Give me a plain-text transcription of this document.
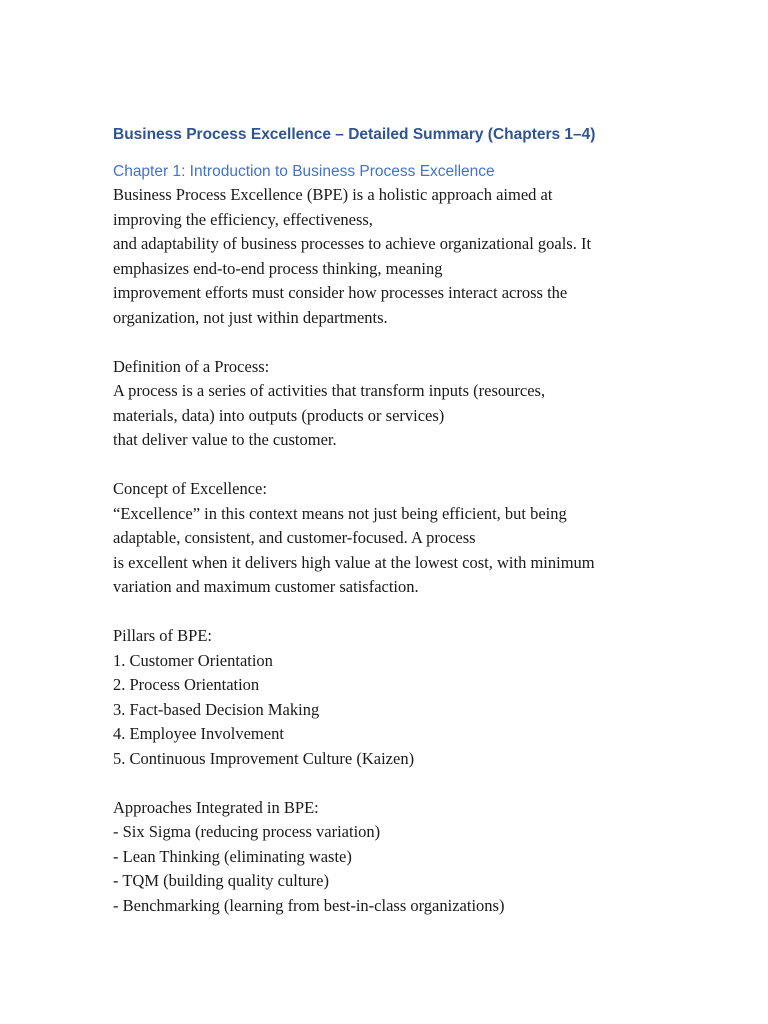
Business Process Excellence – Detailed Summary (Chapters 1–4)
Chapter 1: Introduction to Business Process Excellence
Business Process Excellence (BPE) is a holistic approach aimed at
improving the efficiency, effectiveness,
and adaptability of business processes to achieve organizational goals. It
emphasizes end-to-end process thinking, meaning
improvement efforts must consider how processes interact across the
organization, not just within departments.
Definition of a Process:
A process is a series of activities that transform inputs (resources,
materials, data) into outputs (products or services)
that deliver value to the customer.
Concept of Excellence:
“Excellence” in this context means not just being efficient, but being
adaptable, consistent, and customer-focused. A process
is excellent when it delivers high value at the lowest cost, with minimum
variation and maximum customer satisfaction.
Pillars of BPE:
1. Customer Orientation
2. Process Orientation
3. Fact-based Decision Making
4. Employee Involvement
5. Continuous Improvement Culture (Kaizen)
Approaches Integrated in BPE:
- Six Sigma (reducing process variation)
- Lean Thinking (eliminating waste)
- TQM (building quality culture)
- Benchmarking (learning from best-in-class organizations)
